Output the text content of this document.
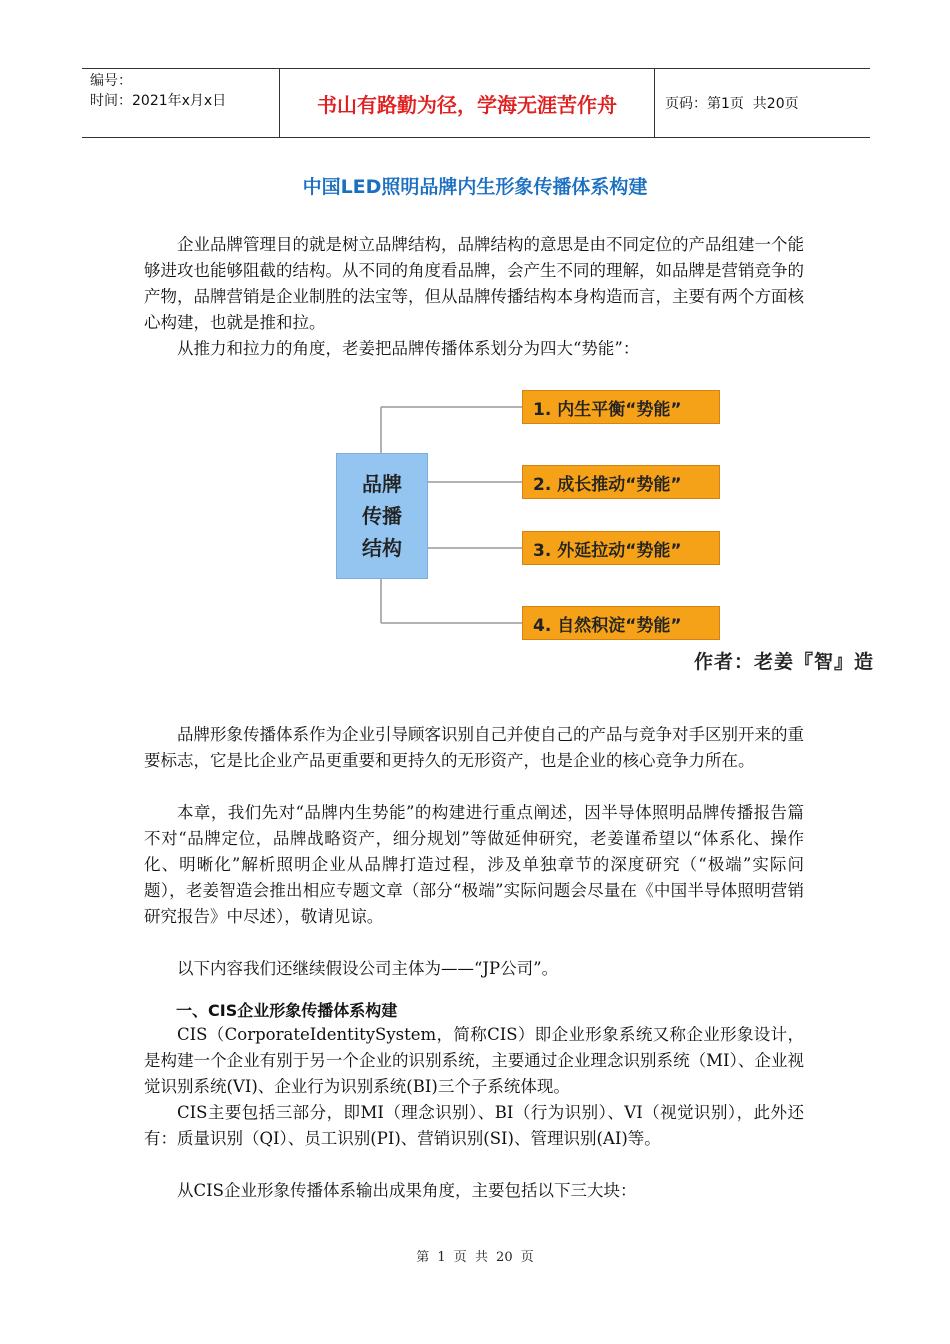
编号：
时间：2021年x月x日	书山有路勤为径，学海无涯苦作舟	页码：第1页  共20页
中国LED照明品牌内生形象传播体系构建

企业品牌管理目的就是树立品牌结构，品牌结构的意思是由不同定位的产品组建一个能够进攻也能够阻截的结构。从不同的角度看品牌，会产生不同的理解，如品牌是营销竞争的产物，品牌营销是企业制胜的法宝等，但从品牌传播结构本身构造而言，主要有两个方面核心构建，也就是推和拉。

从推力和拉力的角度，老姜把品牌传播体系划分为四大“势能”：

品牌
传播
结构
1. 内生平衡“势能”
2. 成长推动“势能”
3. 外延拉动“势能”
4. 自然积淀“势能”
作者：老姜『智』造

品牌形象传播体系作为企业引导顾客识别自己并使自己的产品与竞争对手区别开来的重要标志，它是比企业产品更重要和更持久的无形资产，也是企业的核心竞争力所在。

本章，我们先对“品牌内生势能”的构建进行重点阐述，因半导体照明品牌传播报告篇不对“品牌定位，品牌战略资产，细分规划”等做延伸研究，老姜谨希望以“体系化、操作化、明晰化”解析照明企业从品牌打造过程，涉及单独章节的深度研究（“极端”实际问题），老姜智造会推出相应专题文章（部分“极端”实际问题会尽量在《中国半导体照明营销研究报告》中尽述），敬请见谅。

以下内容我们还继续假设公司主体为——“JP公司”。

一、CIS企业形象传播体系构建

CIS（CorporateIdentitySystem，简称CIS）即企业形象系统又称企业形象设计，是构建一个企业有别于另一个企业的识别系统，主要通过企业理念识别系统（MI）、企业视觉识别系统(VI)、企业行为识别系统(BI)三个子系统体现。

CIS主要包括三部分，即MI（理念识别）、BI（行为识别）、VI（视觉识别），此外还有：质量识别（QI）、员工识别(PI)、营销识别(SI)、管理识别(AI)等。

从CIS企业形象传播体系输出成果角度，主要包括以下三大块：

第 1 页 共 20 页
